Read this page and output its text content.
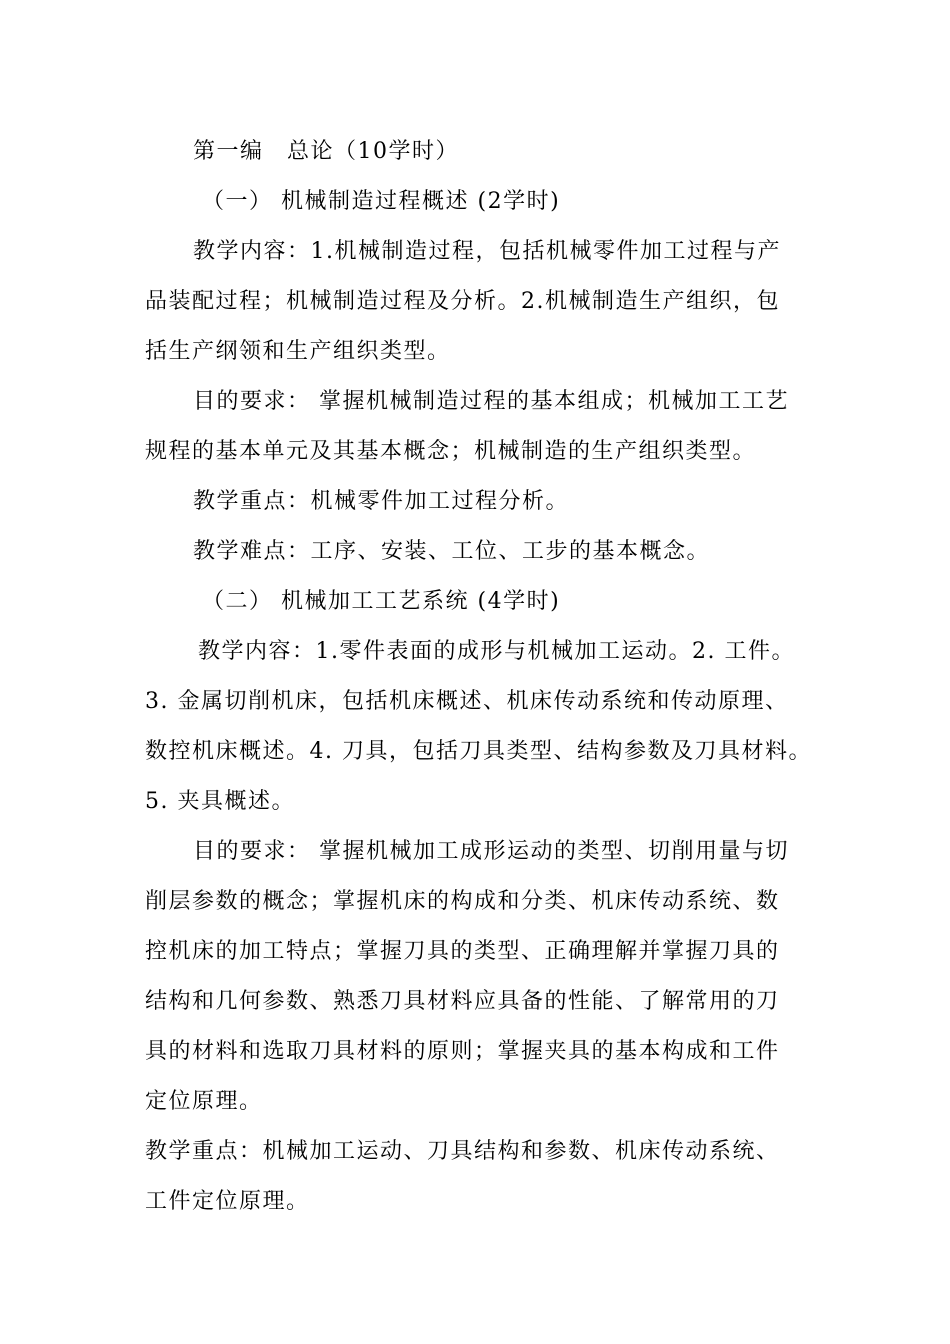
第一编　总论（10学时）
（一） 机械制造过程概述 (2学时)
教学内容：1.机械制造过程，包括机械零件加工过程与产
品装配过程；机械制造过程及分析。2.机械制造生产组织，包
括生产纲领和生产组织类型。
目的要求： 掌握机械制造过程的基本组成；机械加工工艺
规程的基本单元及其基本概念；机械制造的生产组织类型。
教学重点：机械零件加工过程分析。
教学难点：工序、安装、工位、工步的基本概念。
（二） 机械加工工艺系统 (4学时)
教学内容：1.零件表面的成形与机械加工运动。2. 工件。
3. 金属切削机床，包括机床概述、机床传动系统和传动原理、
数控机床概述。4. 刀具，包括刀具类型、结构参数及刀具材料。
5. 夹具概述。
目的要求： 掌握机械加工成形运动的类型、切削用量与切
削层参数的概念；掌握机床的构成和分类、机床传动系统、数
控机床的加工特点；掌握刀具的类型、正确理解并掌握刀具的
结构和几何参数、熟悉刀具材料应具备的性能、了解常用的刀
具的材料和选取刀具材料的原则；掌握夹具的基本构成和工件
定位原理。
教学重点：机械加工运动、刀具结构和参数、机床传动系统、
工件定位原理。
